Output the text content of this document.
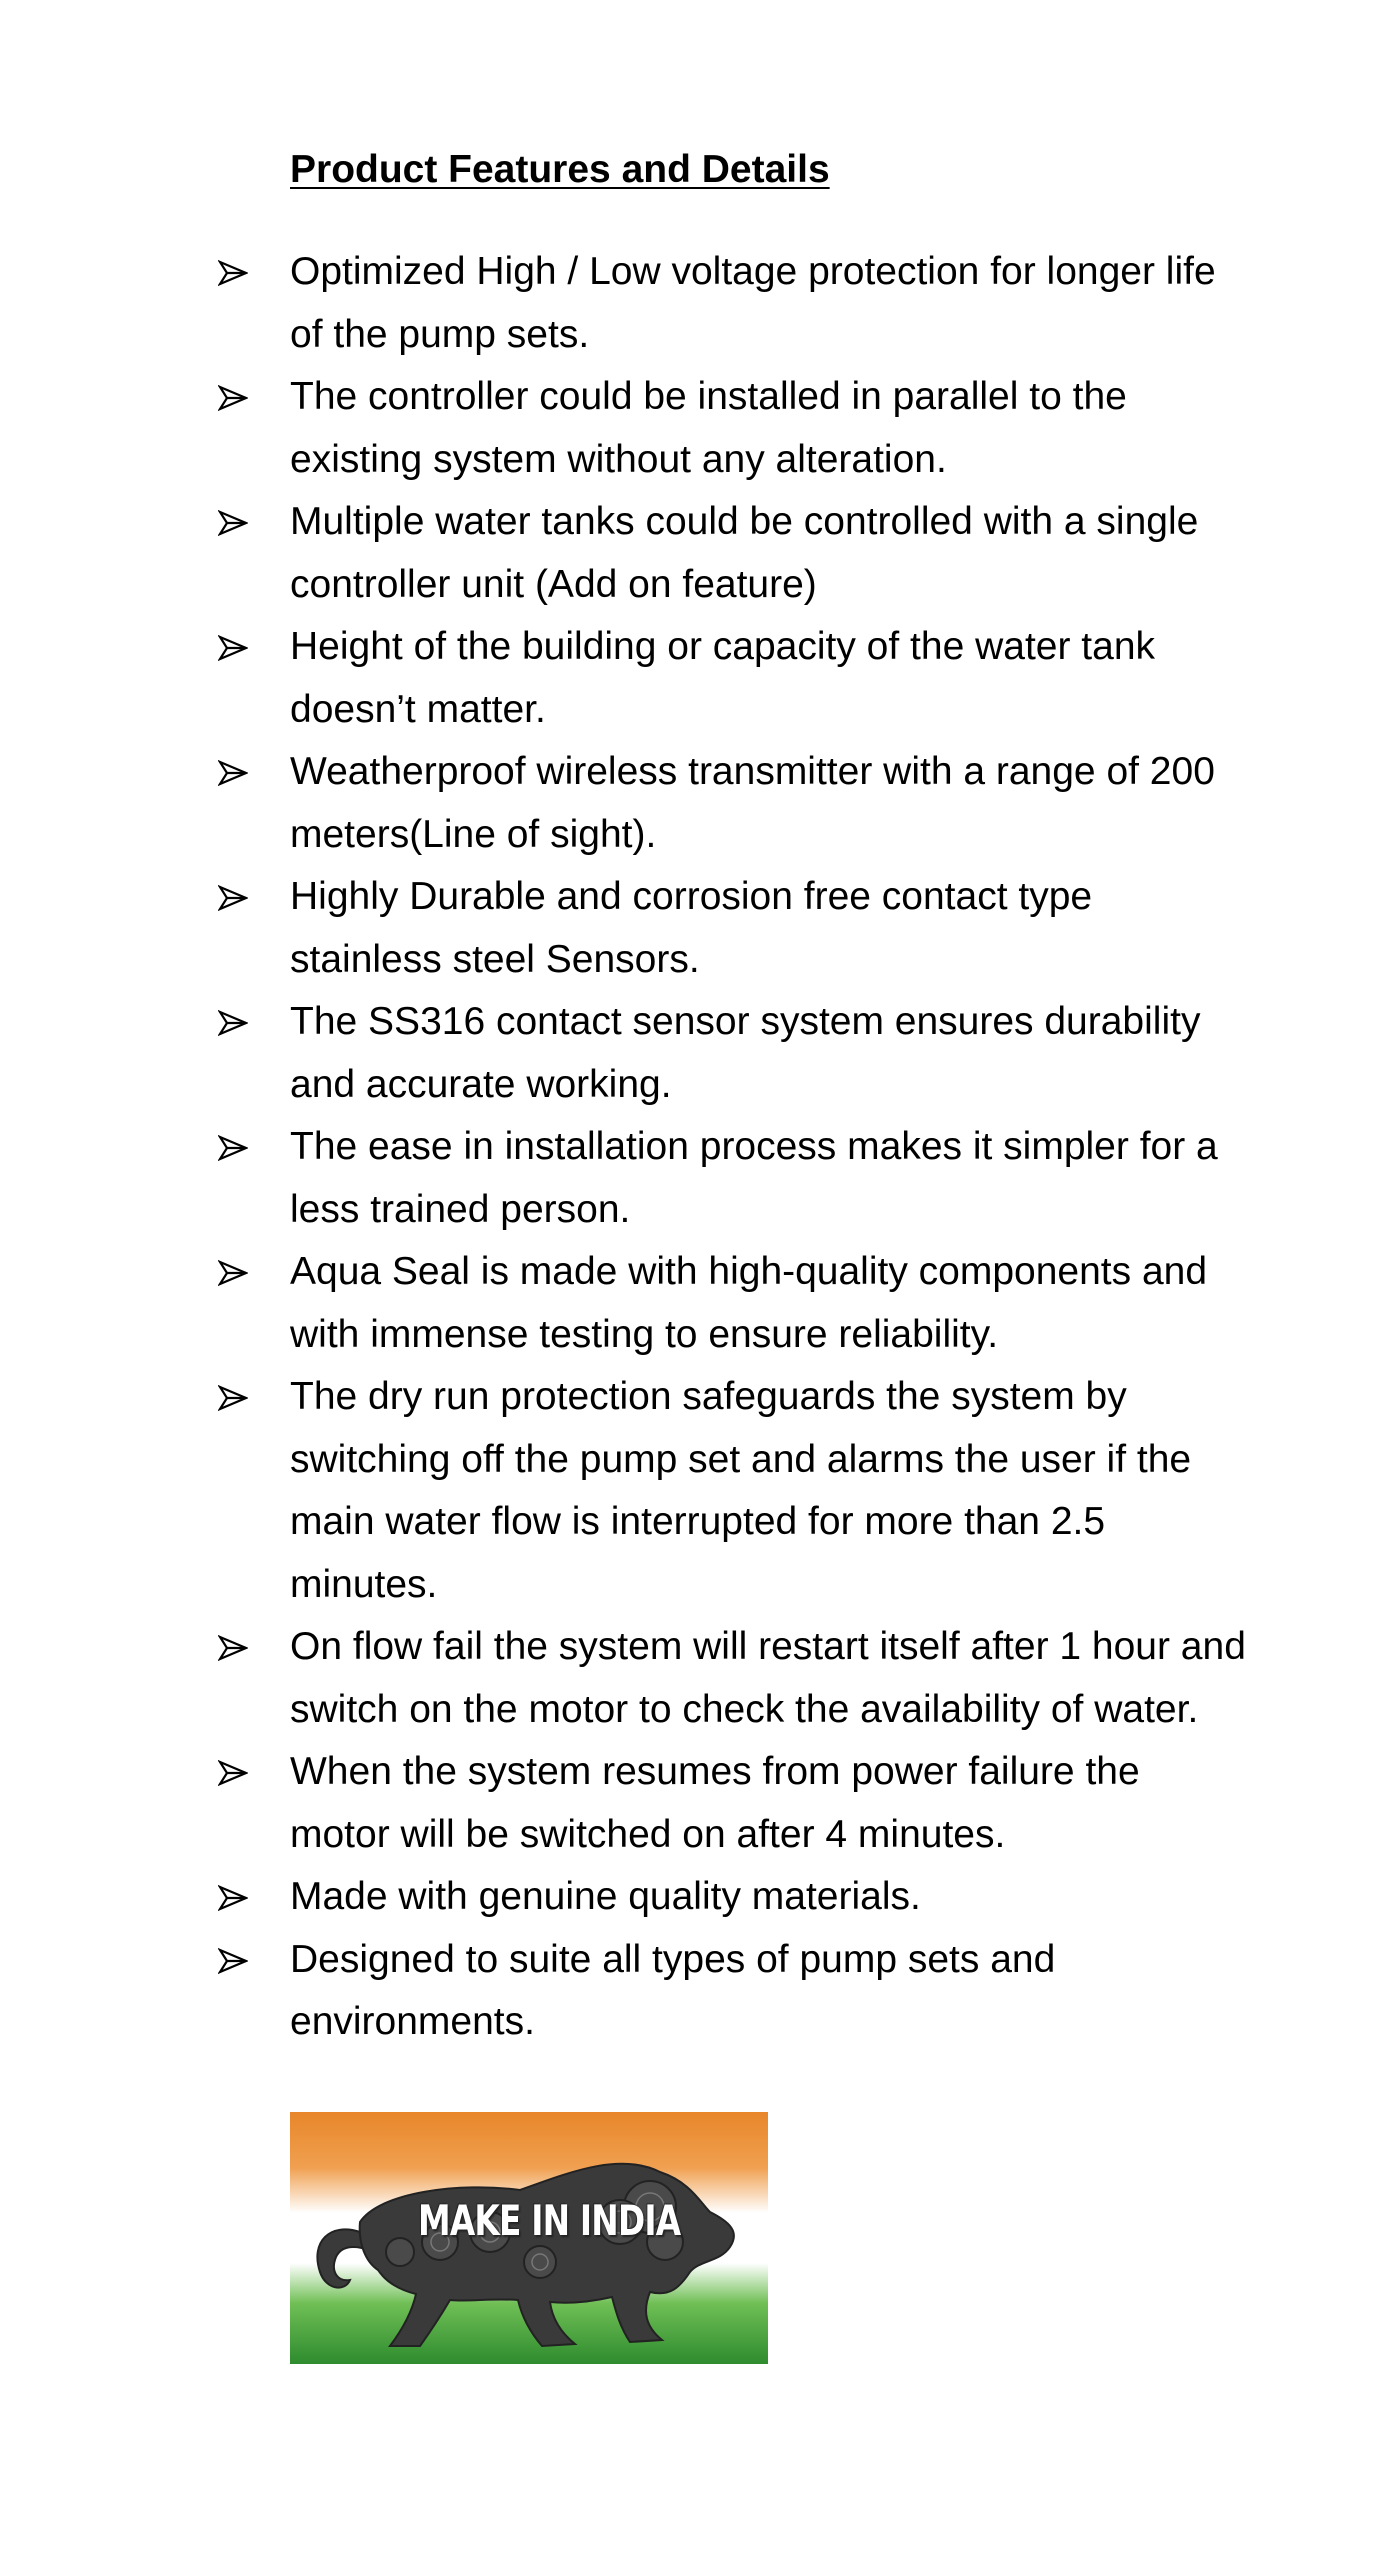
Product Features and Details
Optimized High / Low voltage protection for longer life of the pump sets.
The controller could be installed in parallel to the existing system without any alteration.
Multiple water tanks could be controlled with a single controller unit (Add on feature)
Height of the building or capacity of the water tank doesn’t matter.
Weatherproof wireless transmitter with a range of 200 meters(Line of sight).
Highly Durable and corrosion free contact type stainless steel Sensors.
The SS316 contact sensor system ensures durability and accurate working.
The ease in installation process makes it simpler for a less trained person.
Aqua Seal is made with high-quality components and with immense testing to ensure reliability.
The dry run protection safeguards the system by switching off the pump set and alarms the user if the main water flow is interrupted for more than 2.5 minutes.
On flow fail the system will restart itself after 1 hour and switch on the motor to check the availability of water.
When the system resumes from power failure the motor will be switched on after 4 minutes.
Made with genuine quality materials.
Designed to suite all types of pump sets and environments.
MAKE IN INDIA
